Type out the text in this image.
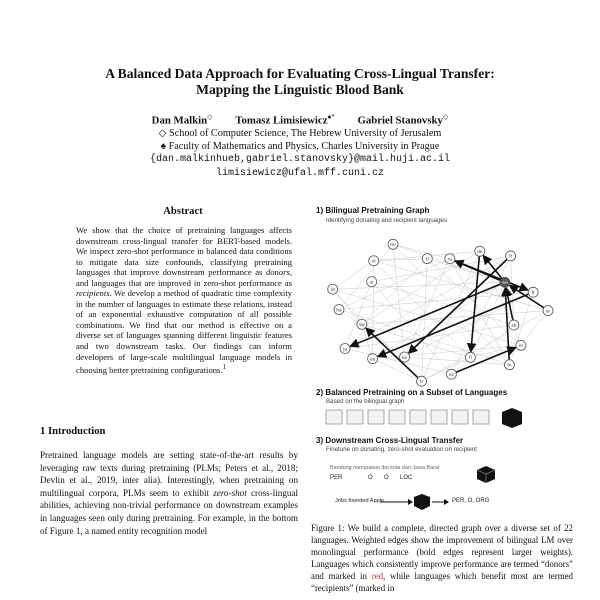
A Balanced Data Approach for Evaluating Cross-Lingual Transfer:
Mapping the Linguistic Blood Bank
Dan Malkin◇ Tomasz Limisiewicz♠* Gabriel Stanovsky◇
◇ School of Computer Science, The Hebrew University of Jerusalem
♠ Faculty of Mathematics and Physics, Charles University in Prague
{dan.malkinhueb,gabriel.stanovsky}@mail.huji.ac.il
limisiewicz@ufal.mff.cuni.cz
Abstract
We show that the choice of pretraining languages affects downstream cross-lingual transfer for BERT-based models. We inspect zero-shot performance in balanced data conditions to mitigate data size confounds, classifying pretraining languages that improve downstream performance as donors, and languages that are improved in zero-shot performance as recipients. We develop a method of quadratic time complexity in the number of languages to estimate these relations, instead of an exponential exhaustive computation of all possible combinations. We find that our method is effective on a diverse set of languages spanning different linguistic features and two downstream tasks. Our findings can inform developers of large-scale multilingual language models in choosing better pretraining configurations.$^1$
1 Introduction
Pretrained language models are setting state-of-the-art results by leveraging raw texts during pretraining (PLMs; Peters et al., 2018; Devlin et al., 2019, inter alia). Interestingly, when pretraining on multilingual corpora, PLMs seem to exhibit zero-shot cross-lingual abilities, achieving non-trivial performance on downstream examples in languages seen only during pretraining. For example, in the bottom of Figure 1, a named entity recognition model
1) Bilingual Pretraining Graph
Identifying donating and recipient languages
ru
de
it
en
fr
ar
zh
el
hi
fi
es
tr
ko
eu
ja
sw
he
id
ur
vi
mr
tl
2) Balanced Pretraining on a Subset of Languages
Based on the bilingual graph
3) Downstream Cross-Lingual Transfer
Finetune on donating, zero-shot evaluation on recipient
Bandung merupakan ibu kota dari Jawa Barat
PER	O O LOC
Jobs founded Apple	PER, O, ORG
Figure 1: We build a complete, directed graph over a diverse set of 22 languages. Weighted edges show the improvement of bilingual LM over monolingual performance (bold edges represent larger weights). Languages which consistently improve performance are termed “donors” and marked in red, while languages which benefit most are termed “recipients” (marked in
